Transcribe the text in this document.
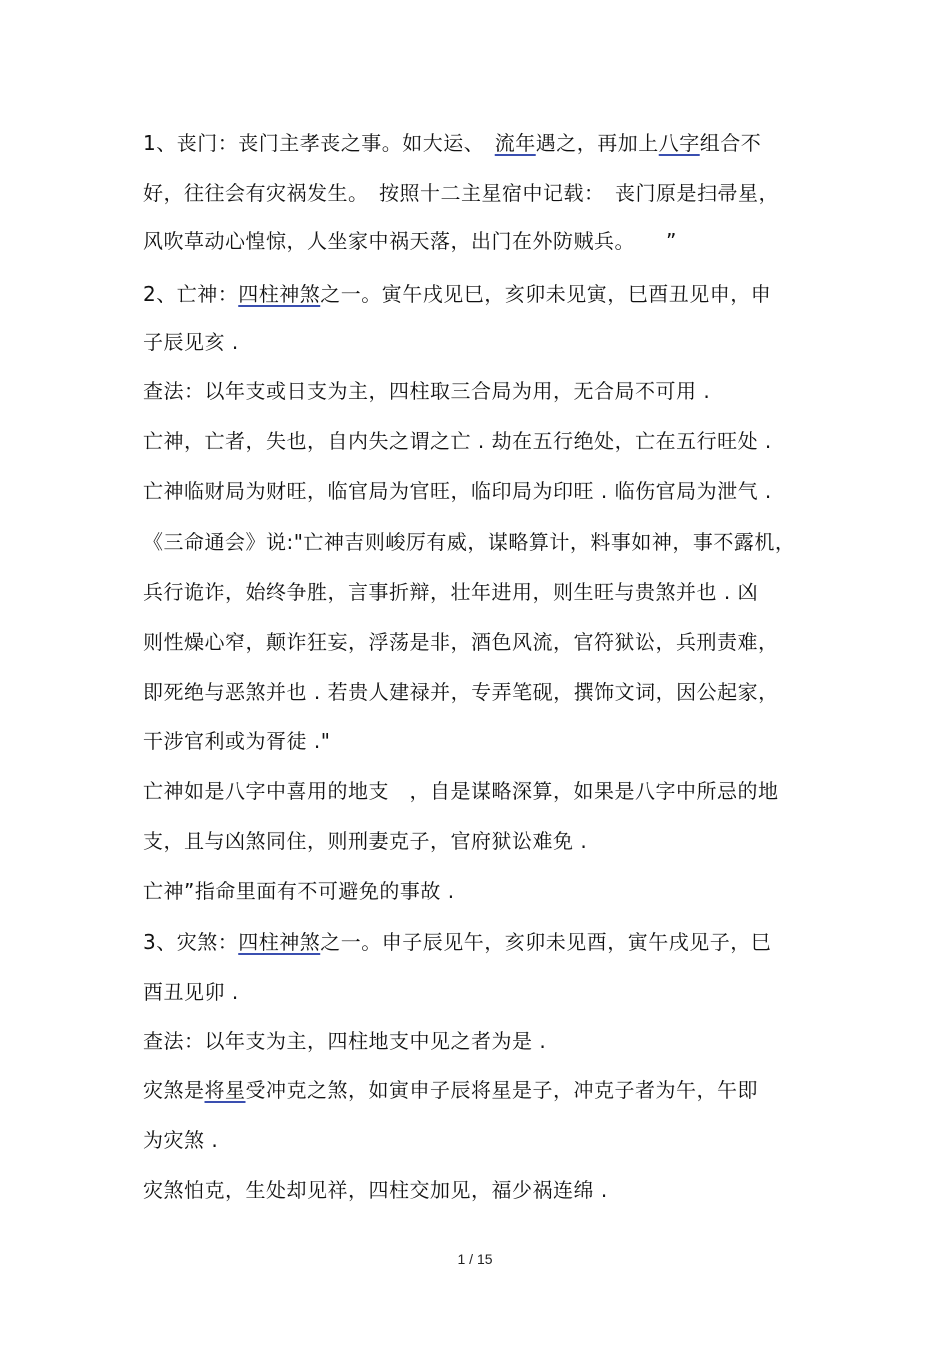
1、丧门：丧门主孝丧之事。如大运、　流年遇之，再加上八字组合不
好，往往会有灾祸发生。　按照十二主星宿中记载：　丧门原是扫帚星，
风吹草动心惶惊，人坐家中祸天落，出门在外防贼兵。　　”
2、亡神：四柱神煞之一。寅午戌见巳，亥卯未见寅，巳酉丑见申，申
子辰见亥 .
查法：以年支或日支为主，四柱取三合局为用，无合局不可用 .
亡神，亡者，失也，自内失之谓之亡 . 劫在五行绝处，亡在五行旺处 .
亡神临财局为财旺，临官局为官旺，临印局为印旺 . 临伤官局为泄气 .
《三命通会》说:"亡神吉则峻厉有威，谋略算计，料事如神，事不露机，
兵行诡诈，始终争胜，言事折辩，壮年进用，则生旺与贵煞并也 . 凶
则性燥心窄，颠诈狂妄，浮荡是非，酒色风流，官符狱讼，兵刑责难，
即死绝与恶煞并也 . 若贵人建禄并，专弄笔砚，撰饰文词，因公起家，
干涉官利或为胥徒 ."
亡神如是八字中喜用的地支　，自是谋略深算，如果是八字中所忌的地
支，且与凶煞同住，则刑妻克子，官府狱讼难免 .
亡神”指命里面有不可避免的事故 .
3、灾煞：四柱神煞之一。申子辰见午，亥卯未见酉，寅午戌见子，巳
酉丑见卯 .
查法：以年支为主，四柱地支中见之者为是 .
灾煞是将星受冲克之煞，如寅申子辰将星是子，冲克子者为午，午即
为灾煞 .
灾煞怕克，生处却见祥，四柱交加见，福少祸连绵 .
1 / 15
